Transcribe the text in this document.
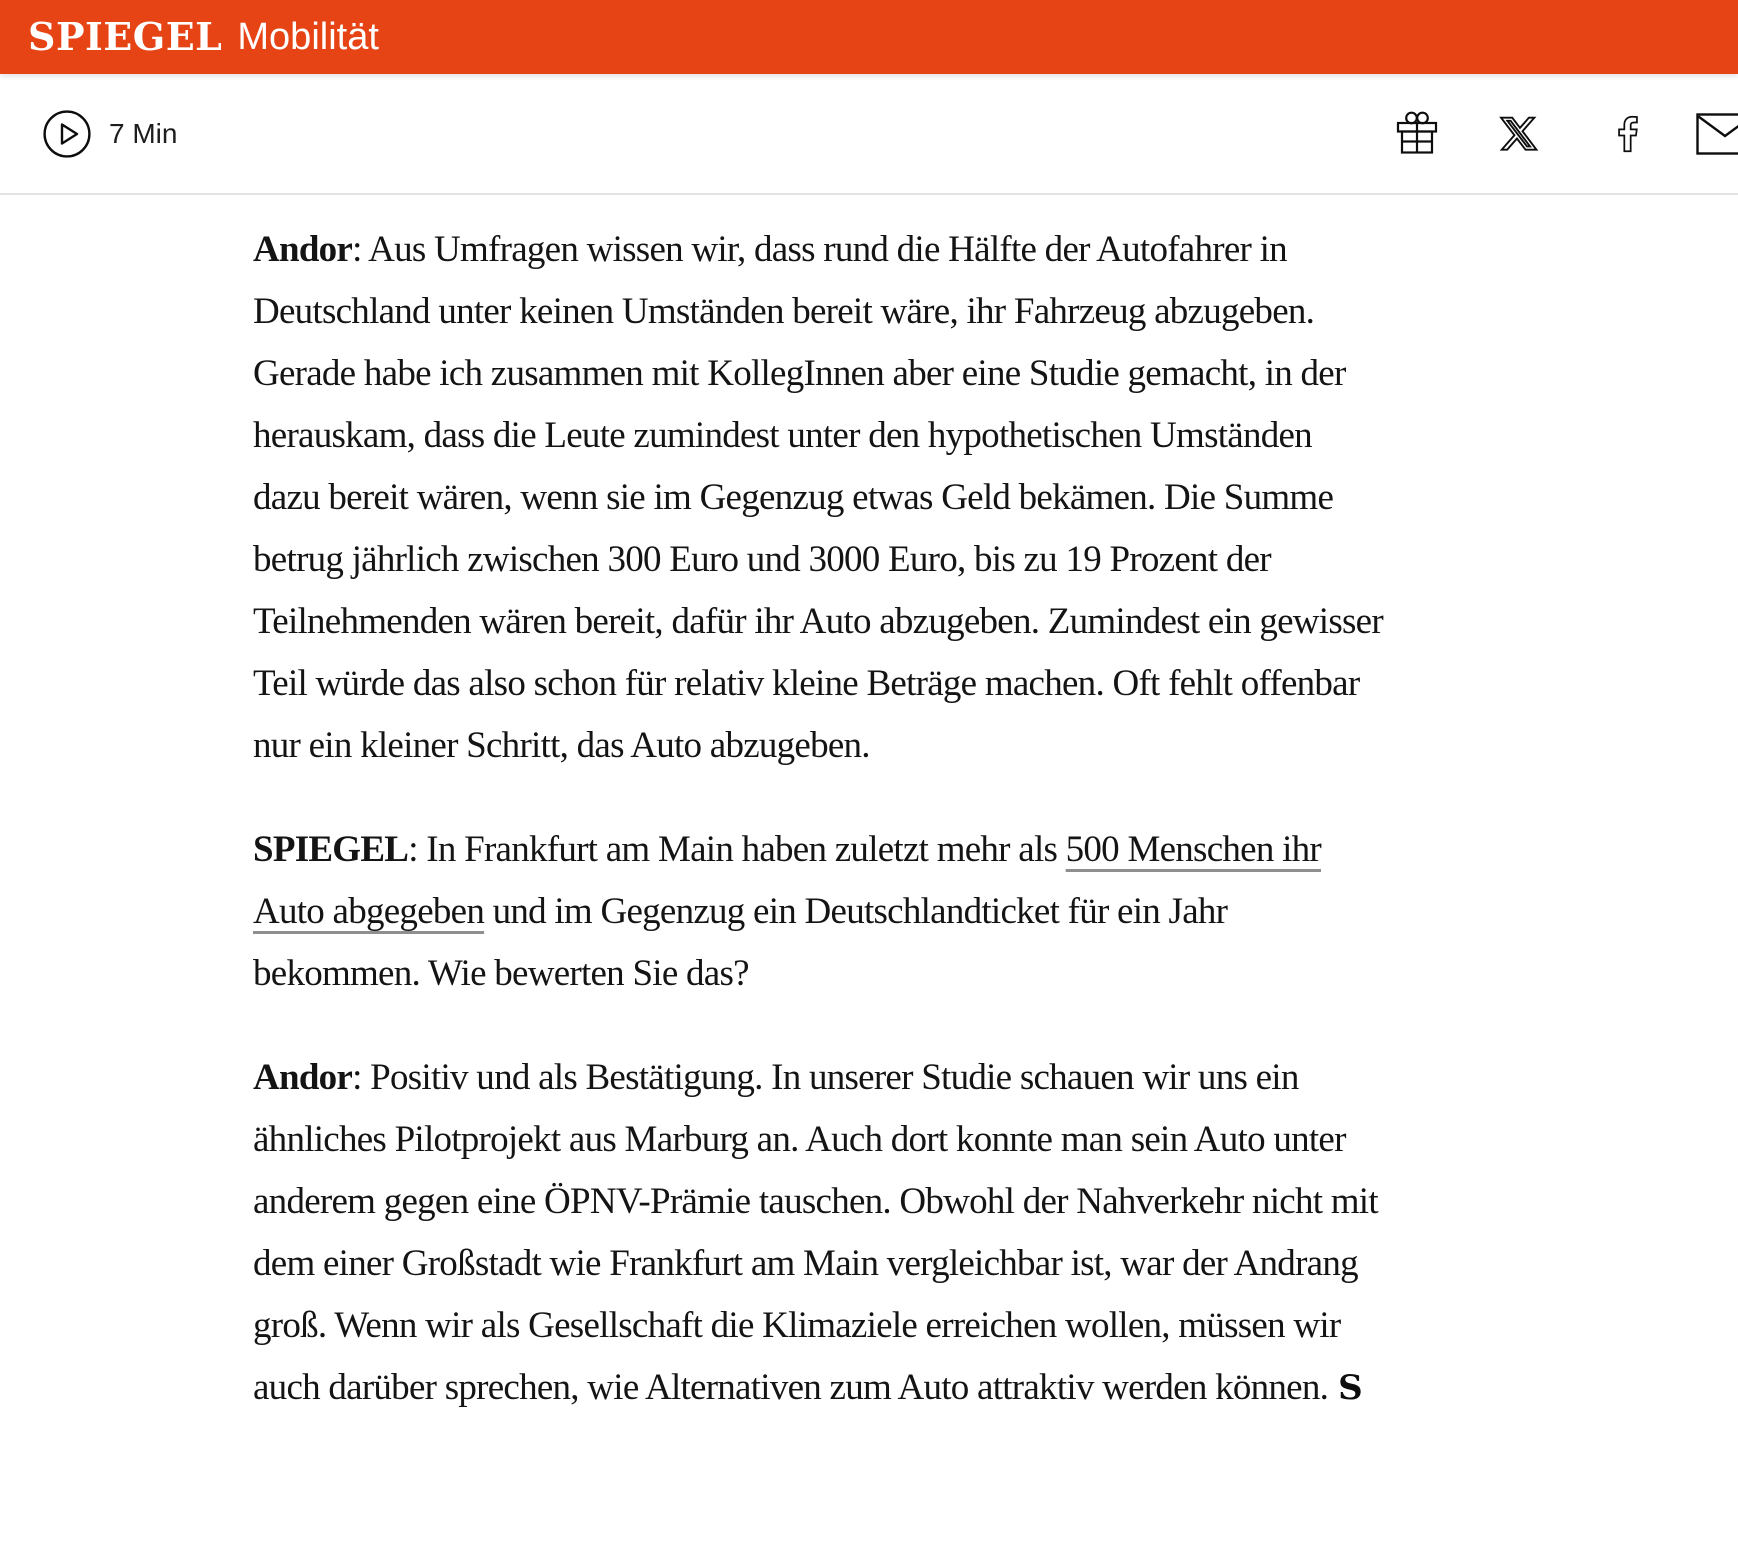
SPIEGEL Mobilität
7 Min

Andor: Aus Umfragen wissen wir, dass rund die Hälfte der Autofahrer in Deutschland unter keinen Umständen bereit wäre, ihr Fahrzeug abzugeben. Gerade habe ich zusammen mit KollegInnen aber eine Studie gemacht, in der herauskam, dass die Leute zumindest unter den hypothetischen Umständen dazu bereit wären, wenn sie im Gegenzug etwas Geld bekämen. Die Summe betrug jährlich zwischen 300 Euro und 3000 Euro, bis zu 19 Prozent der Teilnehmenden wären bereit, dafür ihr Auto abzugeben. Zumindest ein gewisser Teil würde das also schon für relativ kleine Beträge machen. Oft fehlt offenbar nur ein kleiner Schritt, das Auto abzugeben.

SPIEGEL: In Frankfurt am Main haben zuletzt mehr als 500 Menschen ihr Auto abgegeben und im Gegenzug ein Deutschlandticket für ein Jahr bekommen. Wie bewerten Sie das?

Andor: Positiv und als Bestätigung. In unserer Studie schauen wir uns ein ähnliches Pilotprojekt aus Marburg an. Auch dort konnte man sein Auto unter anderem gegen eine ÖPNV-Prämie tauschen. Obwohl der Nahverkehr nicht mit dem einer Großstadt wie Frankfurt am Main vergleichbar ist, war der Andrang groß. Wenn wir als Gesellschaft die Klimaziele erreichen wollen, müssen wir auch darüber sprechen, wie Alternativen zum Auto attraktiv werden können. S
